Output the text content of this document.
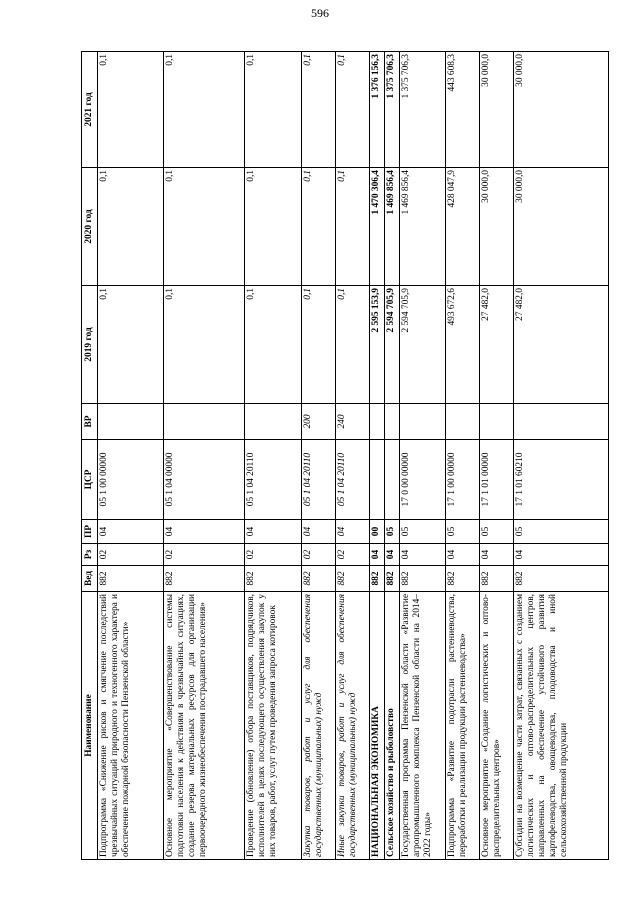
596
Наименование	Вед	Рз	ПР	ЦСР	ВР	2019 год	2020 год	2021 год
Подпрограмма «Снижение рисков и смягчение последствий чрезвычайных ситуаций природного и техногенного характера и обеспечение пожарной безопасности Пензенской области»	882	02	04	05 1 00 00000		0,1	0,1	0,1
Основное мероприятие «Совершенствование системы подготовки населения к действиям в чрезвычайных ситуациях, создание резерва материальных ресурсов для организации первоочередного жизнеобеспечения пострадавшего населения»	882	02	04	05 1 04 00000		0,1	0,1	0,1
Проведение (обновление) отбора поставщиков, подрядчиков, исполнителей в целях последующего осуществления закупок у них товаров, работ, услуг путем проведения запроса котировок	882	02	04	05 1 04 20110		0,1	0,1	0,1
Закупка товаров, работ и услуг для обеспечения государственных (муниципальных) нужд	882	02	04	05 1 04 20110	200	0,1	0,1	0,1
Иные закупки товаров, работ и услуг для обеспечения государственных (муниципальных) нужд	882	02	04	05 1 04 20110	240	0,1	0,1	0,1
НАЦИОНАЛЬНАЯ ЭКОНОМИКА	882	04	00			2 595 153,9	1 470 306,4	1 376 156,3
Сельское хозяйство и рыболовство	882	04	05			2 594 705,9	1 469 856,4	1 375 706,3
Государственная программа Пензенской области «Развитие агропромышленного комплекса Пензенской области на 2014–2022 годы»	882	04	05	17 0 00 00000		2 594 705,9	1 469 856,4	1 375 706,3
Подпрограмма «Развитие подотрасли растениеводства, переработки и реализации продукции растениеводства»	882	04	05	17 1 00 00000		493 672,6	428 047,9	443 608,3
Основное мероприятие «Создание логистических и оптово-распределительных центров»	882	04	05	17 1 01 00000		27 482,0	30 000,0	30 000,0
Субсидии на возмещение части затрат, связанных с созданием логистических и оптово-распределительных центров, направленных на обеспечение устойчивого развития картофелеводства, овощеводства, плодоводства и иной сельскохозяйственной продукции	882	04	05	17 1 01 60210		27 482,0	30 000,0	30 000,0
